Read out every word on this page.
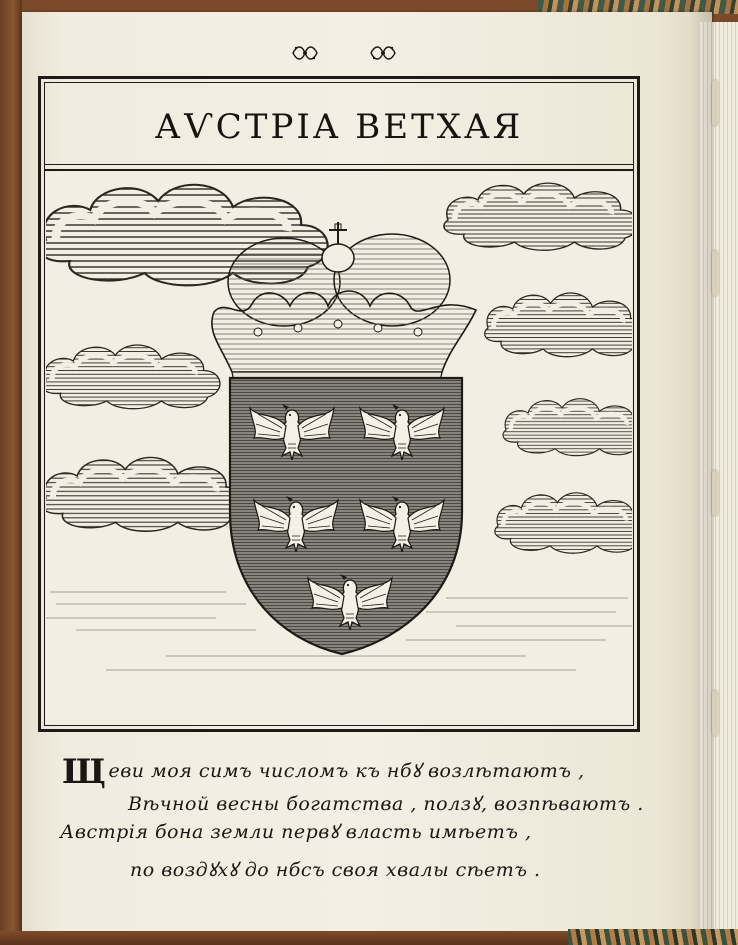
АѴСТРІА ВЕТХАЯ
Щеви моя симъ числомъ къ нбꙋ возлѣтаютъ ,
Вѣчной весны богатства , ползꙋ, возпѣваютъ .
Австрія бона земли первꙋ власть имѣетъ ,
по воздꙋхꙋ до нбсъ своя хвалы сѣетъ .
